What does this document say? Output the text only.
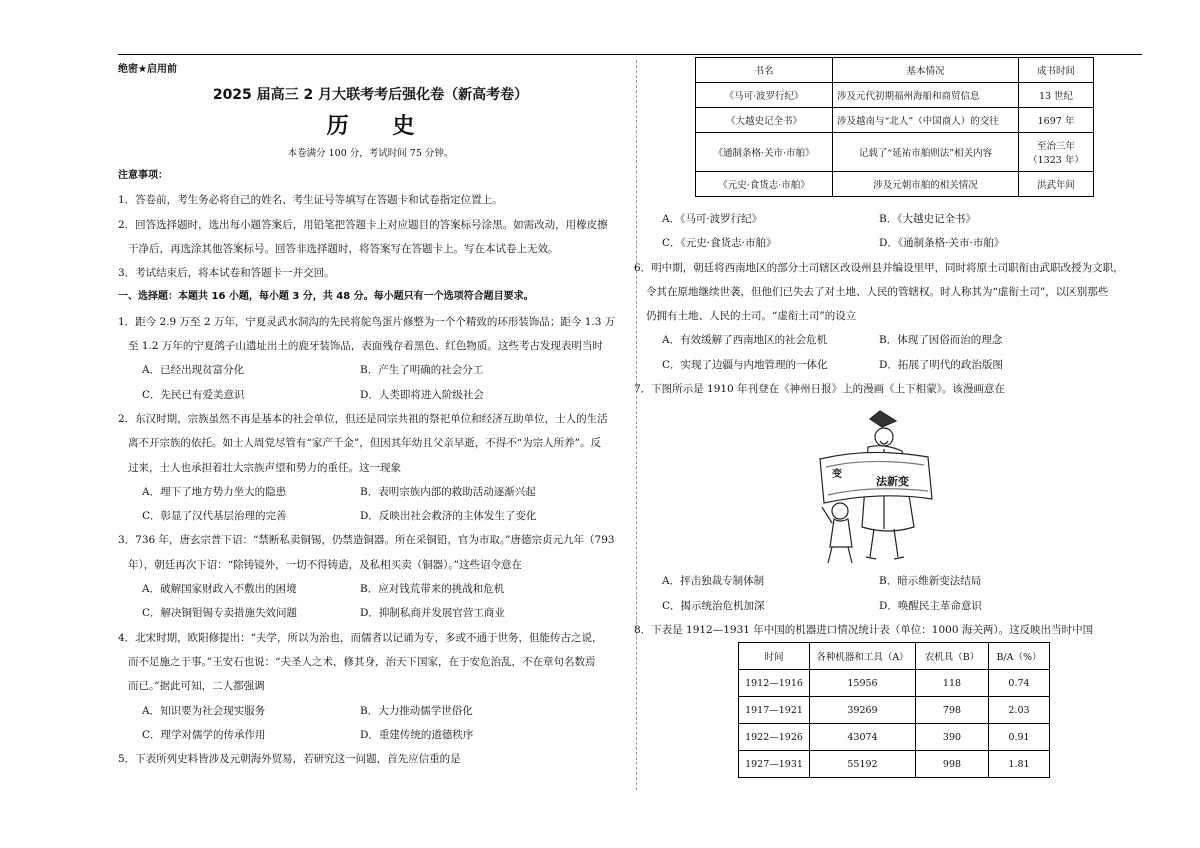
绝密★启用前
2025 届高三 2 月大联考考后强化卷（新高考卷）
历 史
本卷满分 100 分，考试时间 75 分钟。
注意事项：
1．答卷前，考生务必将自己的姓名、考生证号等填写在答题卡和试卷指定位置上。
2．回答选择题时，选出每小题答案后，用铅笔把答题卡上对应题目的答案标号涂黑。如需改动，用橡皮擦
干净后，再选涂其他答案标号。回答非选择题时，将答案写在答题卡上。写在本试卷上无效。
3．考试结束后，将本试卷和答题卡一并交回。
一、选择题：本题共 16 小题，每小题 3 分，共 48 分。每小题只有一个选项符合题目要求。
1．距今 2.9 万至 2 万年，宁夏灵武水洞沟的先民将鸵鸟蛋片修整为一个个精致的环形装饰品；距今 1.3 万
至 1.2 万年的宁夏鸽子山遗址出土的鹿牙装饰品，表面残存着黑色、红色物质。这些考古发现表明当时
A．已经出现贫富分化	B．产生了明确的社会分工
C．先民已有爱美意识	D．人类即将进入阶级社会
2．东汉时期，宗族虽然不再是基本的社会单位，但还是同宗共祖的祭祀单位和经济互助单位，士人的生活
离不开宗族的依托。如士人周党尽管有“家产千金”，但因其年幼且父亲早逝，不得不“为宗人所养”。反
过来，士人也承担着壮大宗族声望和势力的重任。这一现象
A．埋下了地方势力坐大的隐患	B．表明宗族内部的救助活动逐渐兴起
C．彰显了汉代基层治理的完善	D．反映出社会救济的主体发生了变化
3．736 年，唐玄宗普下诏：“禁断私卖铜锡，仍禁造铜器。所在采铜铅，官为市取。”唐德宗贞元九年（793
年），朝廷再次下诏：“除铸镜外，一切不得铸造，及私相买卖（铜器）。”这些诏令意在
A．破解国家财政入不敷出的困境	B．应对钱荒带来的挑战和危机
C．解决铜钼锡专卖措施失效问题	D．抑制私商并发展官营工商业
4．北宋时期，欧阳修提出：“夫学，所以为治也，而儒者以记诵为专，多或不通于世务，但能传古之说，
而不足施之于事。”王安石也说：“夫圣人之术，修其身，治天下国家，在于安危治乱，不在章句名数焉
而已。”据此可知，二人都强调
A．知识要为社会现实服务	B．大力推动儒学世俗化
C．理学对儒学的传承作用	D．重建传统的道德秩序
5．下表所列史料皆涉及元朝海外贸易，若研究这一问题，首先应信重的是
书名	基本情况	成书时间
《马可·波罗行纪》	涉及元代初期福州海船和商贸信息	13 世纪
《大越史记全书》	涉及越南与“北人”（中国商人）的交往	1697 年
《通制条格·关市·市舶》	记载了“延祐市舶则法”相关内容	至治三年
（1323 年）
《元史·食货志·市舶》	涉及元朝市舶的相关情况	洪武年间
A．《马可·波罗行纪》	B．《大越史记全书》
C．《元史·食货志·市舶》	D．《通制条格·关市·市舶》
6．明中期，朝廷将西南地区的部分土司辖区改设州县并编设里甲，同时将原土司职衔由武职改授为文职，
令其在原地继续世袭，但他们已失去了对土地、人民的管辖权。时人称其为“虚衔土司”，以区别那些
仍拥有土地、人民的土司。“虚衔土司”的设立
A．有效缓解了西南地区的社会危机	B．体现了因俗而治的理念
C．实现了边疆与内地管理的一体化	D．拓展了明代的政治版图
7．下图所示是 1910 年刊登在《神州日报》上的漫画《上下相蒙》。该漫画意在
法新变
变
A．抨击独裁专制体制	B．暗示维新变法结局
C．揭示统治危机加深	D．唤醒民主革命意识
8．下表是 1912—1931 年中国的机器进口情况统计表（单位：1000 海关两）。这反映出当时中国
时间	各种机器和工具（A）	农机具（B）	B/A（%）
1912—1916	15956	118	0.74
1917—1921	39269	798	2.03
1922—1926	43074	390	0.91
1927—1931	55192	998	1.81
